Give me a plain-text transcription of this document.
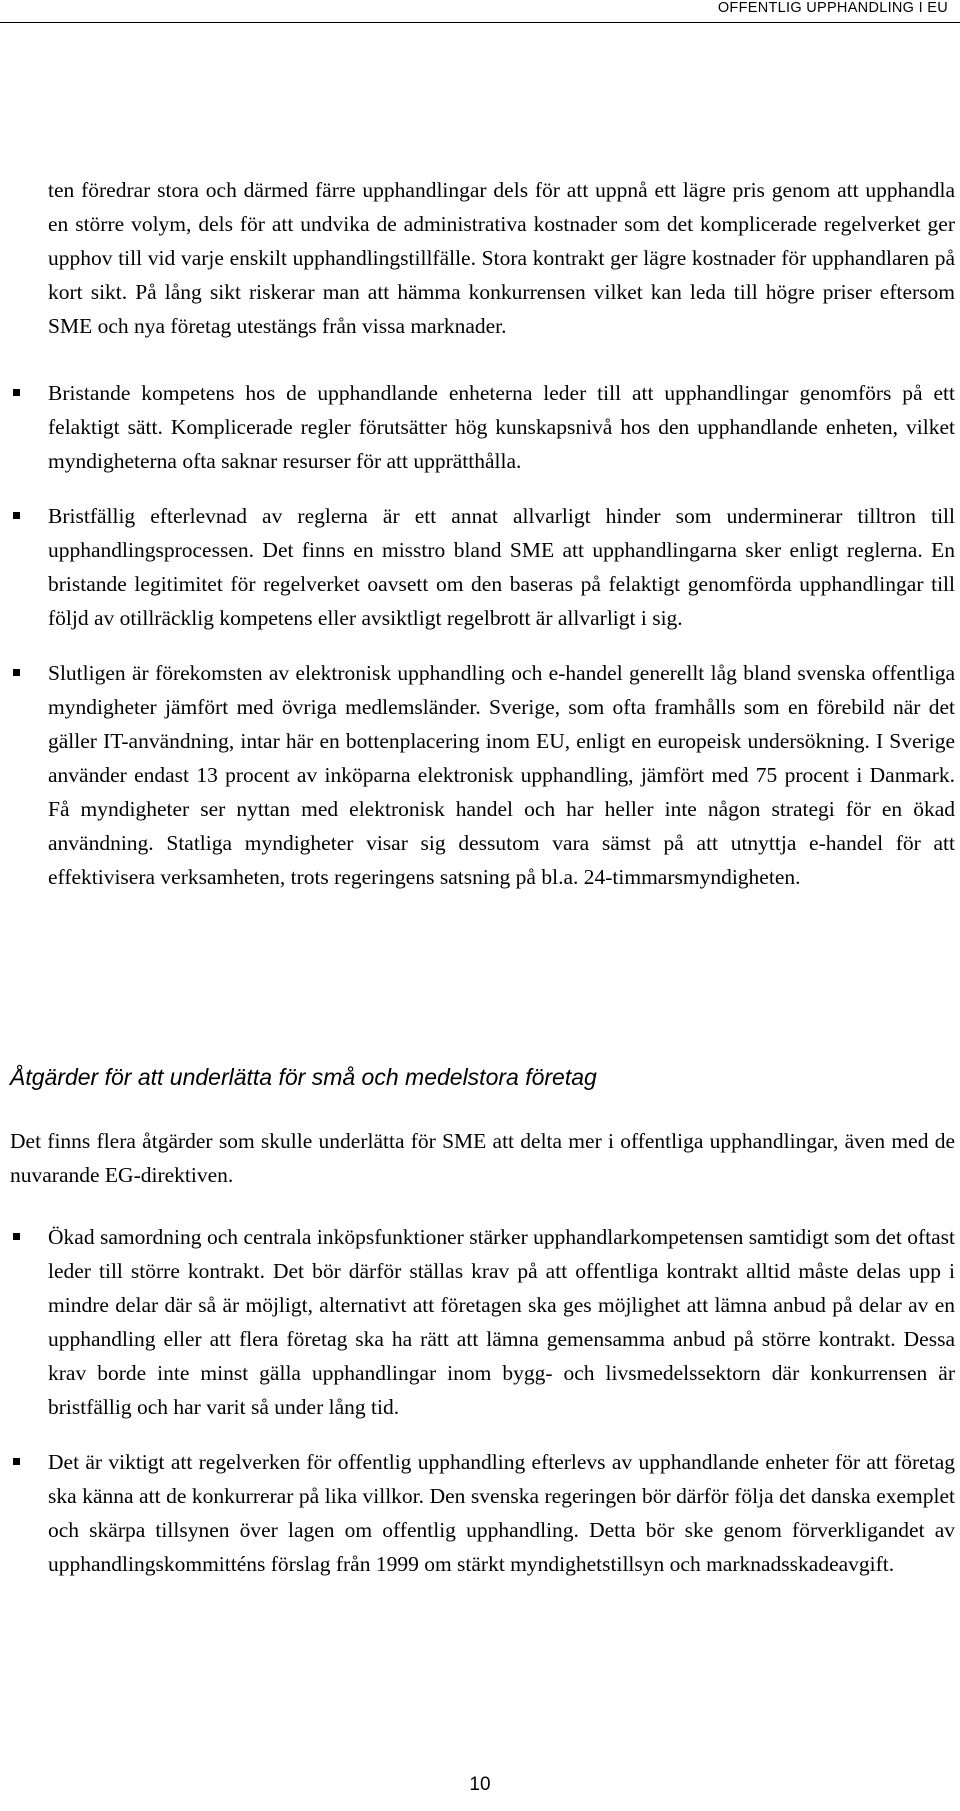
OFFENTLIG UPPHANDLING I EU

ten föredrar stora och därmed färre upphandlingar dels för att uppnå ett lägre pris genom att upphandla en större volym, dels för att undvika de administrativa kostnader som det komplicerade regelverket ger upphov till vid varje enskilt upphandlingstillfälle. Stora kontrakt ger lägre kostnader för upphandlaren på kort sikt. På lång sikt riskerar man att hämma konkurrensen vilket kan leda till högre priser eftersom SME och nya företag utestängs från vissa marknader.

Bristande kompetens hos de upphandlande enheterna leder till att upphandlingar genomförs på ett felaktigt sätt. Komplicerade regler förutsätter hög kunskapsnivå hos den upphandlande enheten, vilket myndigheterna ofta saknar resurser för att upprätthålla.

Bristfällig efterlevnad av reglerna är ett annat allvarligt hinder som underminerar tilltron till upphandlingsprocessen. Det finns en misstro bland SME att upphandlingarna sker enligt reglerna. En bristande legitimitet för regelverket oavsett om den baseras på felaktigt genomförda upphandlingar till följd av otillräcklig kompetens eller avsiktligt regelbrott är allvarligt i sig.

Slutligen är förekomsten av elektronisk upphandling och e-handel generellt låg bland svenska offentliga myndigheter jämfört med övriga medlemsländer. Sverige, som ofta framhålls som en förebild när det gäller IT-användning, intar här en bottenplacering inom EU, enligt en europeisk undersökning. I Sverige använder endast 13 procent av inköparna elektronisk upphandling, jämfört med 75 procent i Danmark. Få myndigheter ser nyttan med elektronisk handel och har heller inte någon strategi för en ökad användning. Statliga myndigheter visar sig dessutom vara sämst på att utnyttja e-handel för att effektivisera verksamheten, trots regeringens satsning på bl.a. 24-timmarsmyndigheten.

Åtgärder för att underlätta för små och medelstora företag

Det finns flera åtgärder som skulle underlätta för SME att delta mer i offentliga upphandlingar, även med de nuvarande EG-direktiven.

Ökad samordning och centrala inköpsfunktioner stärker upphandlarkompetensen samtidigt som det oftast leder till större kontrakt. Det bör därför ställas krav på att offentliga kontrakt alltid måste delas upp i mindre delar där så är möjligt, alternativt att företagen ska ges möjlighet att lämna anbud på delar av en upphandling eller att flera företag ska ha rätt att lämna gemensamma anbud på större kontrakt. Dessa krav borde inte minst gälla upphandlingar inom bygg- och livsmedelssektorn där konkurrensen är bristfällig och har varit så under lång tid.

Det är viktigt att regelverken för offentlig upphandling efterlevs av upphandlande enheter för att företag ska känna att de konkurrerar på lika villkor. Den svenska regeringen bör därför följa det danska exemplet och skärpa tillsynen över lagen om offentlig upphandling. Detta bör ske genom förverkligandet av upphandlingskommitténs förslag från 1999 om stärkt myndighetstillsyn och marknadsskadeavgift.

10
